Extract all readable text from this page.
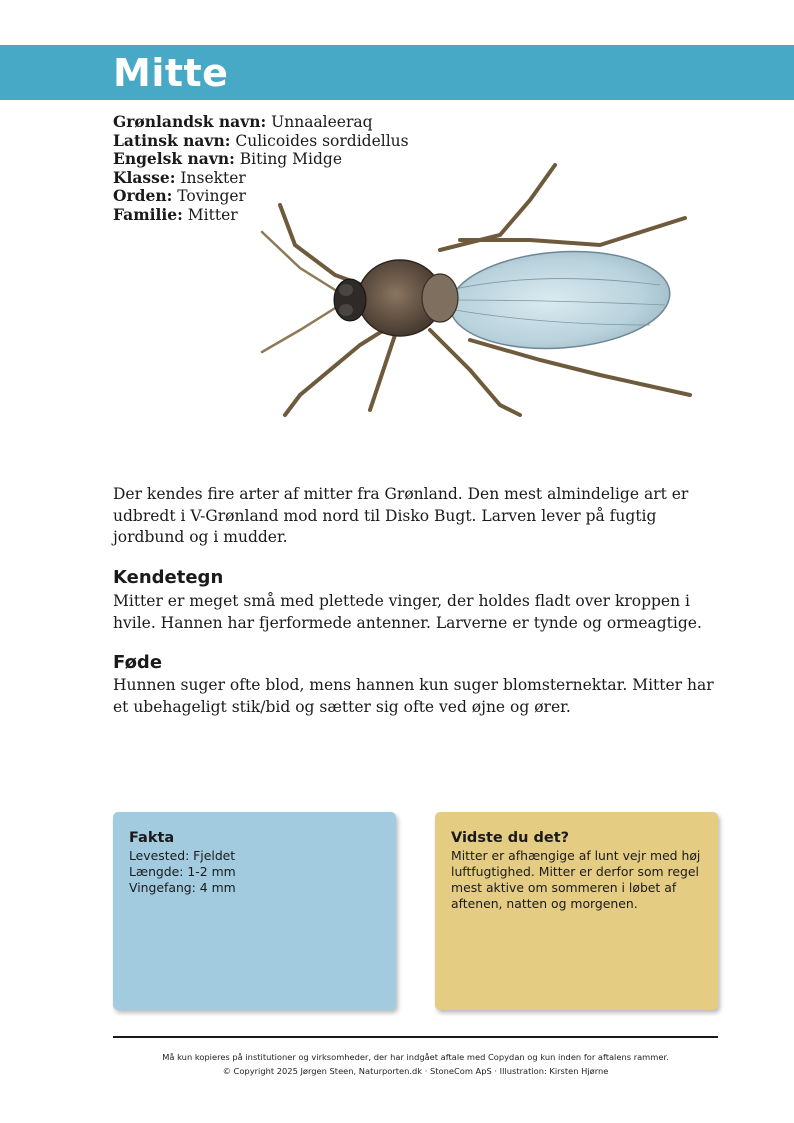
Mitte
Grønlandsk navn: Unnaaleeraq
Latinsk navn: Culicoides sordidellus
Engelsk navn: Biting Midge
Klasse: Insekter
Orden: Tovinger
Familie: Mitter
Der kendes fire arter af mitter fra Grønland. Den mest almindelige art er udbredt i V-Grønland mod nord til Disko Bugt. Larven lever på fugtig jordbund og i mudder.
Kendetegn
Mitter er meget små med plettede vinger, der holdes fladt over kroppen i hvile. Hannen har fjerformede antenner. Larverne er tynde og ormeagtige.
Føde
Hunnen suger ofte blod, mens hannen kun suger blomsternektar. Mitter har et ubehageligt stik/bid og sætter sig ofte ved øjne og ører.
Fakta
Levested: Fjeldet
Længde: 1-2 mm
Vingefang: 4 mm
Vidste du det?
Mitter er afhængige af lunt vejr med høj luftfugtighed. Mitter er derfor som regel mest aktive om sommeren i løbet af aftenen, natten og morgenen.
Må kun kopieres på institutioner og virksomheder, der har indgået aftale med Copydan og kun inden for aftalens rammer.
© Copyright 2025 Jørgen Steen, Naturporten.dk · StoneCom ApS · Illustration: Kirsten Hjørne
